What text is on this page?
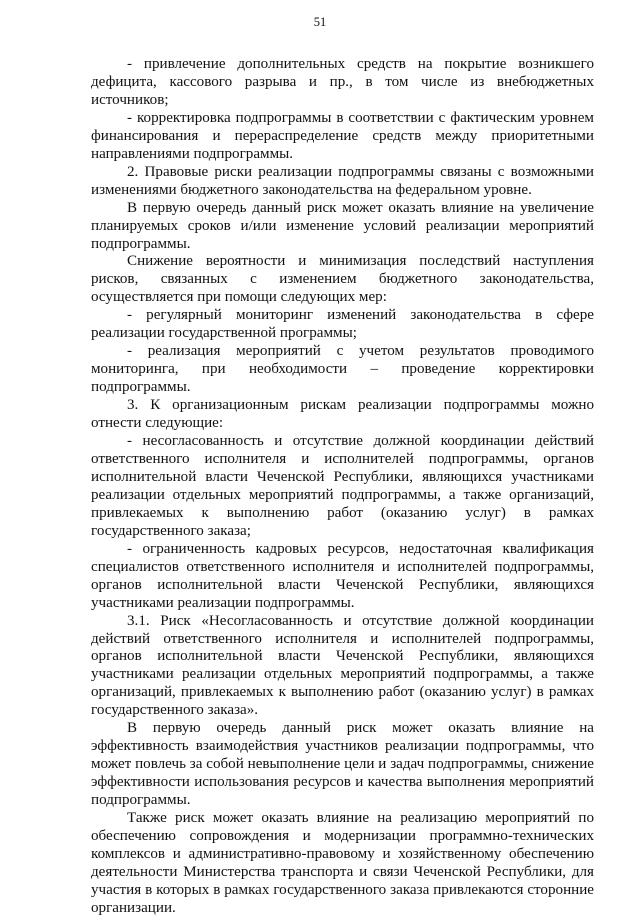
51

- привлечение дополнительных средств на покрытие возникшего дефицита, кассового разрыва и пр., в том числе из внебюджетных источников;

- корректировка подпрограммы в соответствии с фактическим уровнем финансирования и перераспределение средств между приоритетными направлениями подпрограммы.

2. Правовые риски реализации подпрограммы связаны с возможными изменениями бюджетного законодательства на федеральном уровне.

В первую очередь данный риск может оказать влияние на увеличение планируемых сроков и/или изменение условий реализации мероприятий подпрограммы.

Снижение вероятности и минимизация последствий наступления рисков, связанных с изменением бюджетного законодательства, осуществляется при помощи следующих мер:

- регулярный мониторинг изменений законодательства в сфере реализации государственной программы;

- реализация мероприятий с учетом результатов проводимого мониторинга, при необходимости – проведение корректировки подпрограммы.

3. К организационным рискам реализации подпрограммы можно отнести следующие:

- несогласованность и отсутствие должной координации действий ответственного исполнителя и исполнителей подпрограммы, органов исполнительной власти Чеченской Республики, являющихся участниками реализации отдельных мероприятий подпрограммы, а также организаций, привлекаемых к выполнению работ (оказанию услуг) в рамках государственного заказа;

- ограниченность кадровых ресурсов, недостаточная квалификация специалистов ответственного исполнителя и исполнителей подпрограммы, органов исполнительной власти Чеченской Республики, являющихся участниками реализации подпрограммы.

3.1. Риск «Несогласованность и отсутствие должной координации действий ответственного исполнителя и исполнителей подпрограммы, органов исполнительной власти Чеченской Республики, являющихся участниками реализации отдельных мероприятий подпрограммы, а также организаций, привлекаемых к выполнению работ (оказанию услуг) в рамках государственного заказа».

В первую очередь данный риск может оказать влияние на эффективность взаимодействия участников реализации подпрограммы, что может повлечь за собой невыполнение цели и задач подпрограммы, снижение эффективности использования ресурсов и качества выполнения мероприятий подпрограммы.

Также риск может оказать влияние на реализацию мероприятий по обеспечению сопровождения и модернизации программно-технических комплексов и административно-правовому и хозяйственному обеспечению деятельности Министерства транспорта и связи Чеченской Республики, для участия в которых в рамках государственного заказа привлекаются сторонние организации.
